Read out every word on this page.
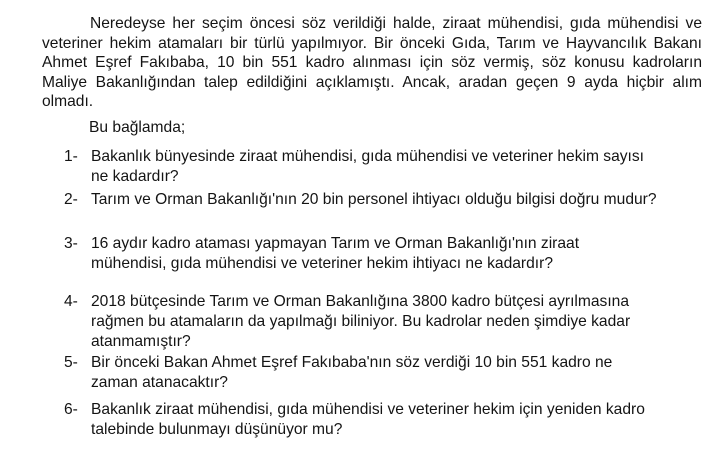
Neredeyse her seçim öncesi söz verildiği halde, ziraat mühendisi, gıda mühendisi ve veteriner hekim atamaları bir türlü yapılmıyor. Bir önceki Gıda, Tarım ve Hayvancılık Bakanı Ahmet Eşref Fakıbaba, 10 bin 551 kadro alınması için söz vermiş, söz konusu kadroların Maliye Bakanlığından talep edildiğini açıklamıştı. Ancak, aradan geçen 9 ayda hiçbir alım olmadı.

Bu bağlamda;

1- Bakanlık bünyesinde ziraat mühendisi, gıda mühendisi ve veteriner hekim sayısı ne kadardır?
2- Tarım ve Orman Bakanlığı'nın 20 bin personel ihtiyacı olduğu bilgisi doğru mudur?
3- 16 aydır kadro ataması yapmayan Tarım ve Orman Bakanlığı'nın ziraat mühendisi, gıda mühendisi ve veteriner hekim ihtiyacı ne kadardır?
4- 2018 bütçesinde Tarım ve Orman Bakanlığına 3800 kadro bütçesi ayrılmasına rağmen bu atamaların da yapılmağı biliniyor. Bu kadrolar neden şimdiye kadar atanmamıştır?
5- Bir önceki Bakan Ahmet Eşref Fakıbaba'nın söz verdiği 10 bin 551 kadro ne zaman atanacaktır?
6- Bakanlık ziraat mühendisi, gıda mühendisi ve veteriner hekim için yeniden kadro talebinde bulunmayı düşünüyor mu?
